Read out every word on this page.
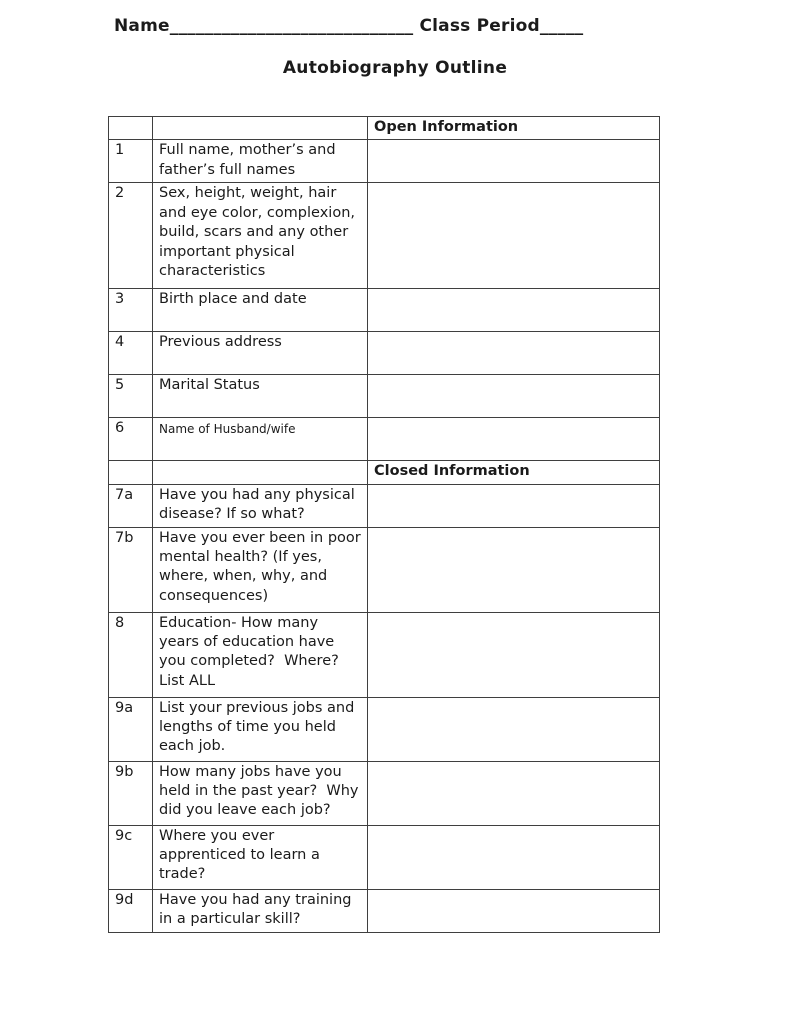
Name____________________________ Class Period_____
Autobiography Outline
		Open Information
1	Full name, mother’s and father’s full names	
2	Sex, height, weight, hair and eye color, complexion, build, scars and any other important physical characteristics	
3	Birth place and date	
4	Previous address	
5	Marital Status	
6	Name of Husband/wife	
		Closed Information
7a	Have you had any physical disease? If so what?	
7b	Have you ever been in poor mental health? (If yes, where, when, why, and consequences)	
8	Education- How many years of education have you completed?  Where? List ALL	
9a	List your previous jobs and lengths of time you held each job.	
9b	How many jobs have you held in the past year?  Why did you leave each job?	
9c	Where you ever apprenticed to learn a trade?	
9d	Have you had any training in a particular skill?	
